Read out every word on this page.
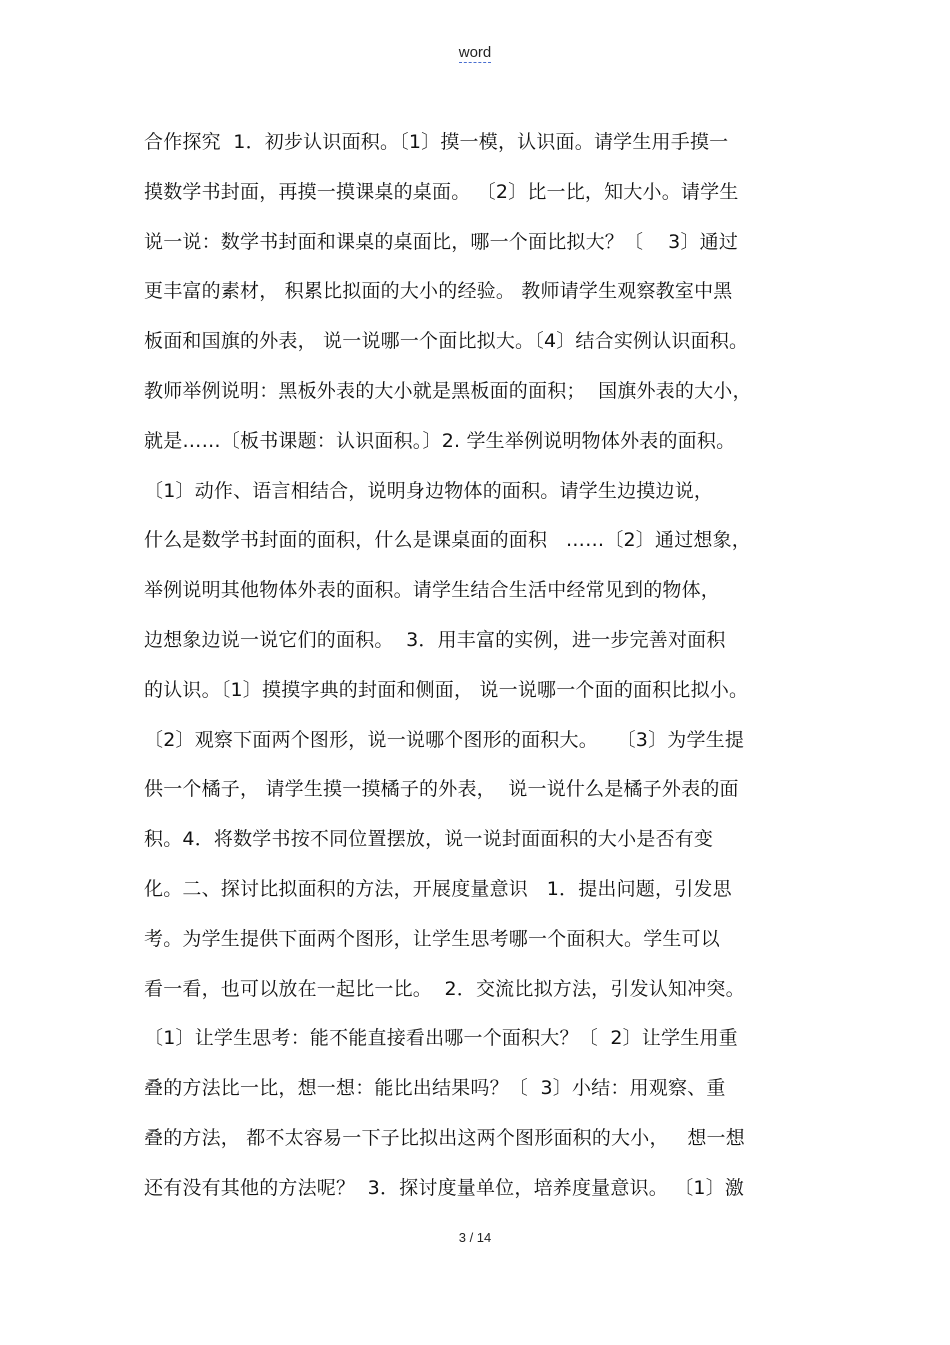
word
合作探究  1．初步认识面积。〔1〕摸一模，认识面。请学生用手摸一
摸数学书封面，再摸一摸课桌的桌面。 〔2〕比一比，知大小。请学生
说一说：数学书封面和课桌的桌面比，哪一个面比拟大？〔    3〕通过
更丰富的素材， 积累比拟面的大小的经验。 教师请学生观察教室中黑
板面和国旗的外表， 说一说哪一个面比拟大。〔4〕结合实例认识面积。
教师举例说明：黑板外表的大小就是黑板面的面积；  国旗外表的大小，
就是……〔板书课题：认识面积。〕2. 学生举例说明物体外表的面积。
〔1〕动作、语言相结合，说明身边物体的面积。请学生边摸边说，
什么是数学书封面的面积，什么是课桌面的面积   ……〔2〕通过想象，
举例说明其他物体外表的面积。请学生结合生活中经常见到的物体，
边想象边说一说它们的面积。  3．用丰富的实例，进一步完善对面积
的认识。〔1〕摸摸字典的封面和侧面， 说一说哪一个面的面积比拟小。
〔2〕观察下面两个图形，说一说哪个图形的面积大。   〔3〕为学生提
供一个橘子， 请学生摸一摸橘子的外表，  说一说什么是橘子外表的面
积。4．将数学书按不同位置摆放，说一说封面面积的大小是否有变
化。二、探讨比拟面积的方法，开展度量意识   1．提出问题，引发思
考。为学生提供下面两个图形，让学生思考哪一个面积大。学生可以
看一看，也可以放在一起比一比。  2．交流比拟方法，引发认知冲突。
〔1〕让学生思考：能不能直接看出哪一个面积大？〔  2〕让学生用重
叠的方法比一比，想一想：能比出结果吗？〔  3〕小结：用观察、重
叠的方法， 都不太容易一下子比拟出这两个图形面积的大小，   想一想
还有没有其他的方法呢？  3．探讨度量单位，培养度量意识。 〔1〕激
3 / 14
